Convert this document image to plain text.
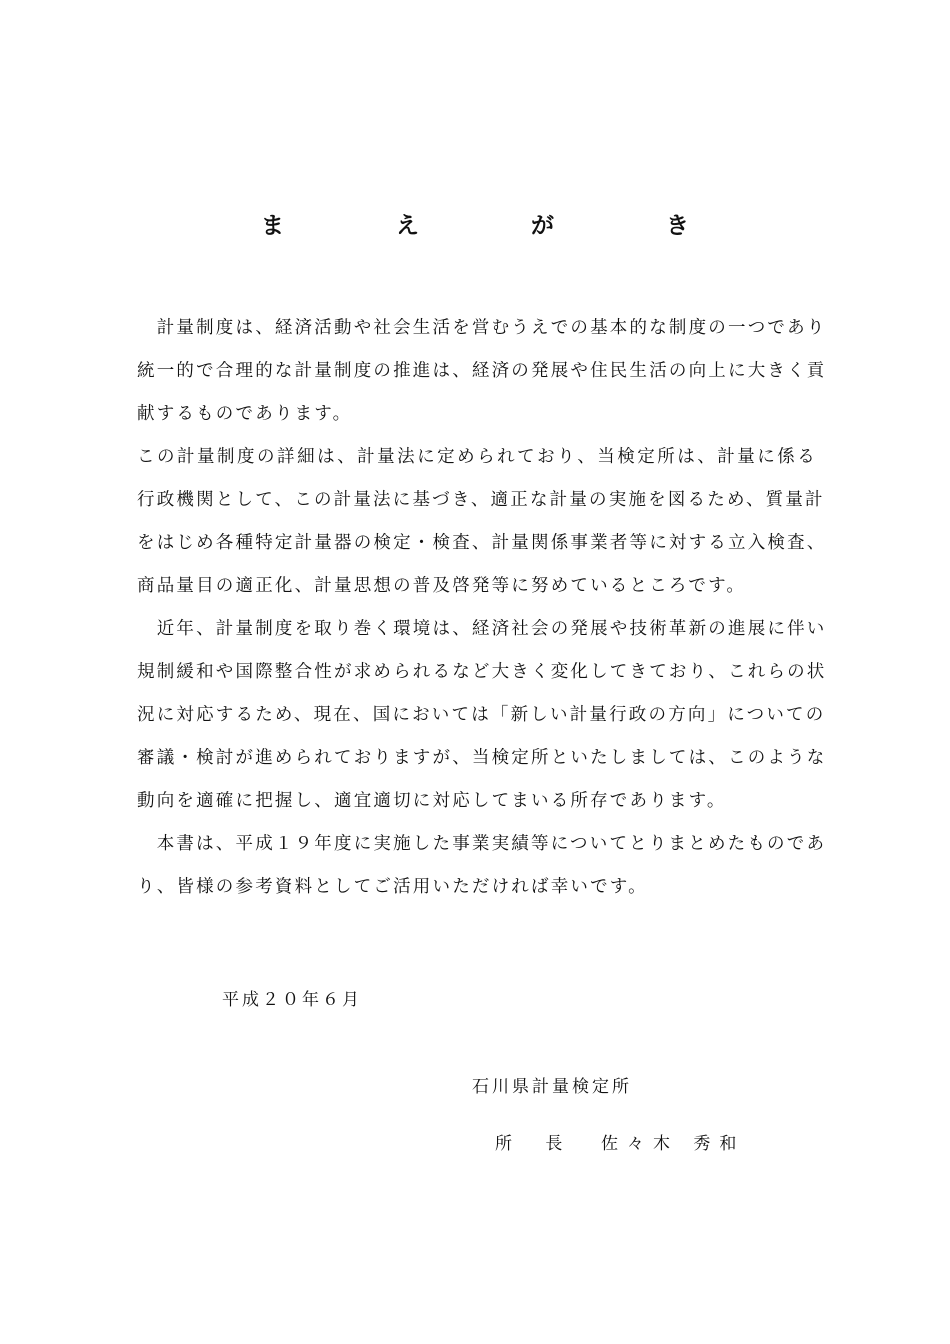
ま え が き
　計量制度は、経済活動や社会生活を営むうえでの基本的な制度の一つであり
統一的で合理的な計量制度の推進は、経済の発展や住民生活の向上に大きく貢
献するものであります。
この計量制度の詳細は、計量法に定められており、当検定所は、計量に係る
行政機関として、この計量法に基づき、適正な計量の実施を図るため、質量計
をはじめ各種特定計量器の検定・検査、計量関係事業者等に対する立入検査、
商品量目の適正化、計量思想の普及啓発等に努めているところです。
　近年、計量制度を取り巻く環境は、経済社会の発展や技術革新の進展に伴い
規制緩和や国際整合性が求められるなど大きく変化してきており、これらの状
況に対応するため、現在、国においては「新しい計量行政の方向」についての
審議・検討が進められておりますが、当検定所といたしましては、このような
動向を適確に把握し、適宜適切に対応してまいる所存であります。
　本書は、平成１９年度に実施した事業実績等についてとりまとめたものであ
り、皆様の参考資料としてご活用いただければ幸いです。
平成２０年６月
石川県計量検定所
所 長 佐々木 秀和
